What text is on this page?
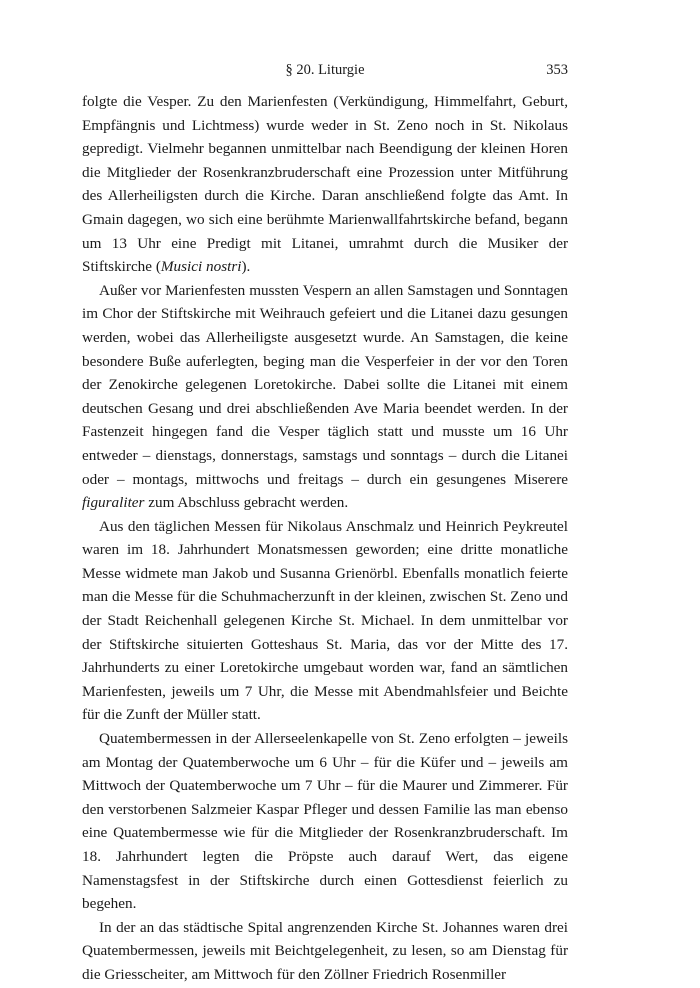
§ 20. Liturgie	353

folgte die Vesper. Zu den Marienfesten (Verkündigung, Himmelfahrt, Geburt, Empfängnis und Lichtmess) wurde weder in St. Zeno noch in St. Nikolaus gepredigt. Vielmehr begannen unmittelbar nach Beendigung der kleinen Horen die Mitglieder der Rosenkranzbruderschaft eine Prozession unter Mitführung des Allerheiligsten durch die Kirche. Daran anschließend folgte das Amt. In Gmain dagegen, wo sich eine berühmte Marienwallfahrtskirche befand, begann um 13 Uhr eine Predigt mit Litanei, umrahmt durch die Musiker der Stiftskirche (Musici nostri).

Außer vor Marienfesten mussten Vespern an allen Samstagen und Sonntagen im Chor der Stiftskirche mit Weihrauch gefeiert und die Litanei dazu gesungen werden, wobei das Allerheiligste ausgesetzt wurde. An Samstagen, die keine besondere Buße auferlegten, beging man die Vesperfeier in der vor den Toren der Zenokirche gelegenen Loretokirche. Dabei sollte die Litanei mit einem deutschen Gesang und drei abschließenden Ave Maria beendet werden. In der Fastenzeit hingegen fand die Vesper täglich statt und musste um 16 Uhr entweder – dienstags, donnerstags, samstags und sonntags – durch die Litanei oder – montags, mittwochs und freitags – durch ein gesungenes Miserere figuraliter zum Abschluss gebracht werden.

Aus den täglichen Messen für Nikolaus Anschmalz und Heinrich Peykreutel waren im 18. Jahrhundert Monatsmessen geworden; eine dritte monatliche Messe widmete man Jakob und Susanna Grienörbl. Ebenfalls monatlich feierte man die Messe für die Schuhmacherzunft in der kleinen, zwischen St. Zeno und der Stadt Reichenhall gelegenen Kirche St. Michael. In dem unmittelbar vor der Stiftskirche situierten Gotteshaus St. Maria, das vor der Mitte des 17. Jahrhunderts zu einer Loretokirche umgebaut worden war, fand an sämtlichen Marienfesten, jeweils um 7 Uhr, die Messe mit Abendmahlsfeier und Beichte für die Zunft der Müller statt.

Quatembermessen in der Allerseelenkapelle von St. Zeno erfolgten – jeweils am Montag der Quatemberwoche um 6 Uhr – für die Küfer und – jeweils am Mittwoch der Quatemberwoche um 7 Uhr – für die Maurer und Zimmerer. Für den verstorbenen Salzmeier Kaspar Pfleger und dessen Familie las man ebenso eine Quatembermesse wie für die Mitglieder der Rosenkranzbruderschaft. Im 18. Jahrhundert legten die Pröpste auch darauf Wert, das eigene Namenstagsfest in der Stiftskirche durch einen Gottesdienst feierlich zu begehen.

In der an das städtische Spital angrenzenden Kirche St. Johannes waren drei Quatembermessen, jeweils mit Beichtgelegenheit, zu lesen, so am Dienstag für die Griesscheiter, am Mittwoch für den Zöllner Friedrich Rosenmiller
